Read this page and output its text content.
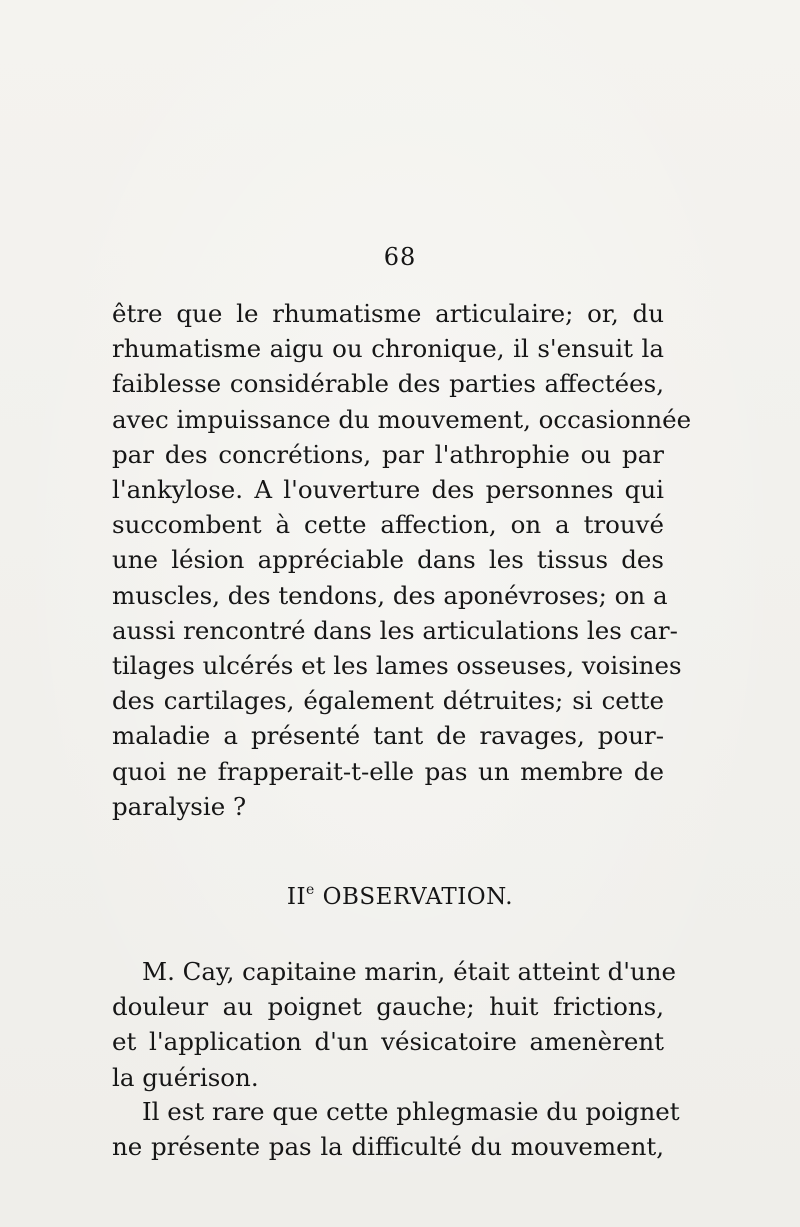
68
être que le rhumatisme articulaire; or, du
rhumatisme aigu ou chronique, il s'ensuit la
faiblesse considérable des parties affectées,
avec impuissance du mouvement, occasionnée
par des concrétions, par l'athrophie ou par
l'ankylose. A l'ouverture des personnes qui
succombent à cette affection, on a trouvé
une lésion appréciable dans les tissus des
muscles, des tendons, des aponévroses; on a
aussi rencontré dans les articulations les car-
tilages ulcérés et les lames osseuses, voisines
des cartilages, également détruites; si cette
maladie a présenté tant de ravages, pour-
quoi ne frapperait-t-elle pas un membre de
paralysie ?
IIe OBSERVATION.
M. Cay, capitaine marin, était atteint d'une
douleur au poignet gauche; huit frictions,
et l'application d'un vésicatoire amenèrent
la guérison.
Il est rare que cette phlegmasie du poignet
ne présente pas la difficulté du mouvement,
